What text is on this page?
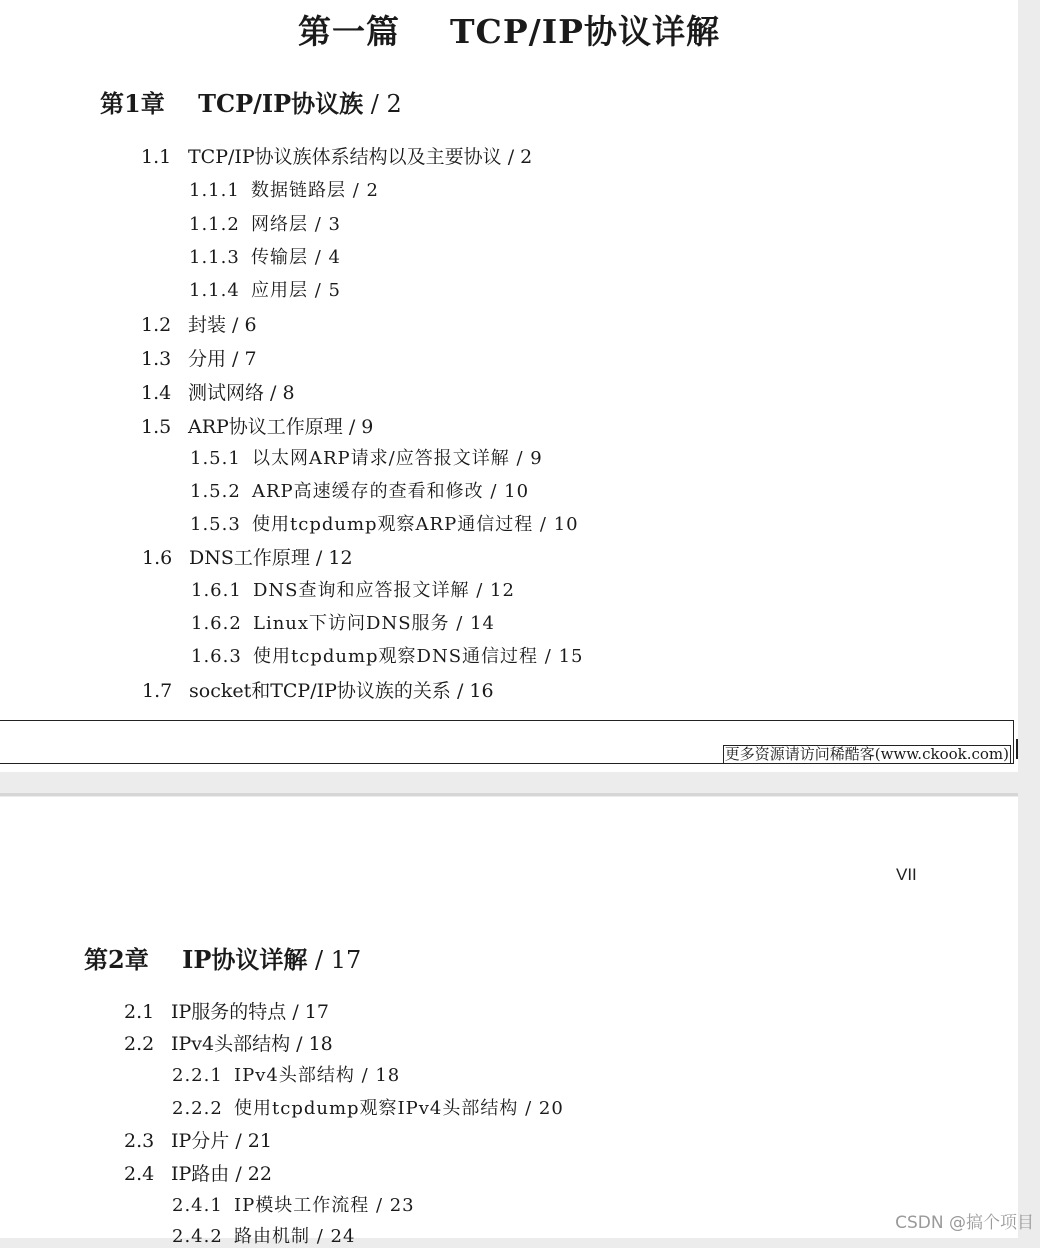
第一篇    TCP/IP协议详解
第1章 TCP/IP协议族 / 2
1.1 TCP/IP协议族体系结构以及主要协议 / 2
1.1.1 数据链路层 / 2
1.1.2 网络层 / 3
1.1.3 传输层 / 4
1.1.4 应用层 / 5
1.2 封装 / 6
1.3 分用 / 7
1.4 测试网络 / 8
1.5 ARP协议工作原理 / 9
1.5.1 以太网ARP请求/应答报文详解 / 9
1.5.2 ARP高速缓存的查看和修改 / 10
1.5.3 使用tcpdump观察ARP通信过程 / 10
1.6 DNS工作原理 / 12
1.6.1 DNS查询和应答报文详解 / 12
1.6.2 Linux下访问DNS服务 / 14
1.6.3 使用tcpdump观察DNS通信过程 / 15
1.7 socket和TCP/IP协议族的关系 / 16
更多资源请访问稀酷客(www.ckook.com)
VII
第2章 IP协议详解 / 17
2.1 IP服务的特点 / 17
2.2 IPv4头部结构 / 18
2.2.1 IPv4头部结构 / 18
2.2.2 使用tcpdump观察IPv4头部结构 / 20
2.3 IP分片 / 21
2.4 IP路由 / 22
2.4.1 IP模块工作流程 / 23
2.4.2 路由机制 / 24
CSDN @搞个项目
